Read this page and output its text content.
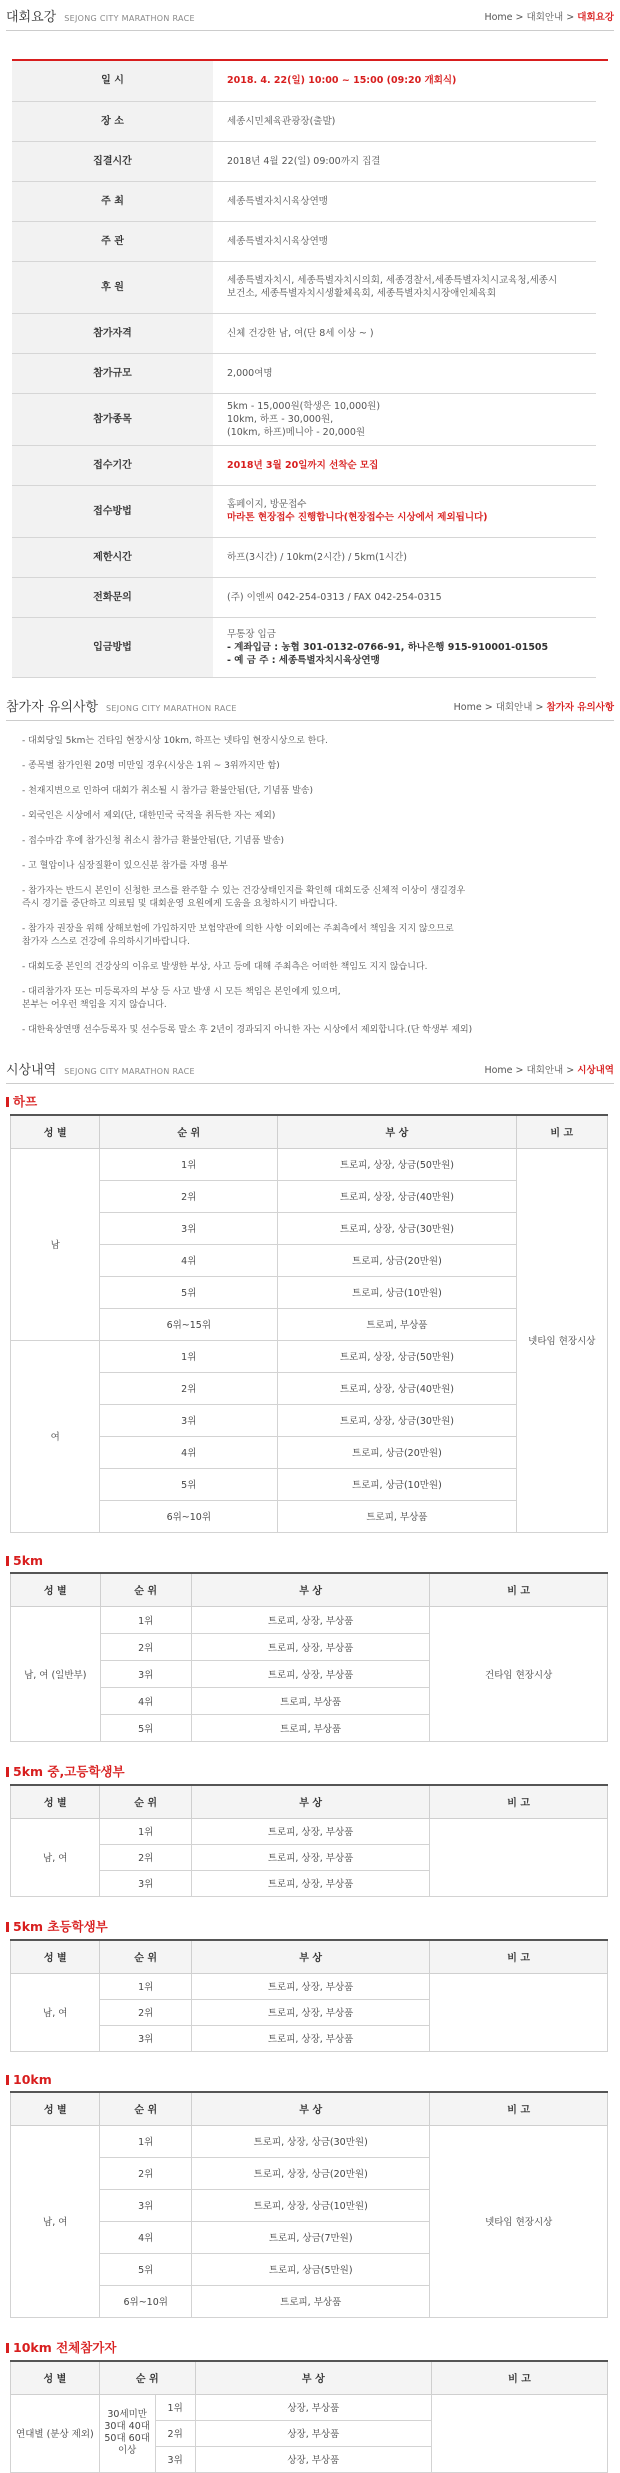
대회요강 SEJONG CITY MARATHON RACE	Home > 대회안내 > 대회요강
일 시	2018. 4. 22(일) 10:00 ~ 15:00 (09:20 개회식)

장 소	세종시민체육관광장(출발)

집결시간	2018년 4월 22(일) 09:00까지 집결

주 최	세종특별자치시육상연맹

주 관	세종특별자치시육상연맹

후 원	세종특별자치시, 세종특별자치시의회, 세종경찰서,세종특별자치시교육청,세종시
보건소, 세종특별자치시생활체육회, 세종특별자치시장애인체육회

참가자격	신체 건강한 남, 여(단 8세 이상 ~ )

참가규모	2,000여명

참가종목	5km - 15,000원(학생은 10,000원)
10km, 하프 - 30,000원,
(10km, 하프)메니아 - 20,000원

접수기간	2018년 3월 20일까지 선착순 모집

접수방법	홈페이지, 방문접수
마라톤 현장접수 진행합니다(현장접수는 시상에서 제외됩니다)

제한시간	하프(3시간) / 10km(2시간) / 5km(1시간)

전화문의	(주) 이엔씨 042-254-0313 / FAX 042-254-0315

입금방법	무통장 입금
- 계좌입금 : 농협 301-0132-0766-91, 하나은행 915-910001-01505
- 예 금 주 : 세종특별자치시육상연맹
참가자 유의사항 SEJONG CITY MARATHON RACE	Home > 대회안내 > 참가자 유의사항
- 대회당일 5km는 건타임 현장시상 10km, 하프는 넷타임 현장시상으로 한다.
- 종목별 참가인원 20명 미만일 경우(시상은 1위 ~ 3위까지만 함)
- 천재지변으로 인하여 대회가 취소될 시 참가금 환불안됨(단, 기념품 발송)
- 외국인은 시상에서 제외(단, 대한민국 국적을 취득한 자는 제외)
- 접수마감 후에 참가신청 취소시 참가금 환불안됨(단, 기념품 발송)
- 고 혈압이나 심장질환이 있으신분 참가를 자명 용부
- 참가자는 반드시 본인이 신청한 코스를 완주할 수 있는 건강상태인지를 확인해 대회도중 신체적 이상이 생길경우
즉시 경기를 중단하고 의료팀 및 대회운영 요원에게 도움을 요청하시기 바랍니다.
- 참가자 권장을 위해 상해보험에 가입하지만 보험약관에 의한 사항 이외에는 주최측에서 책임을 지지 않으므로
참가자 스스로 건강에 유의하시기바랍니다.
- 대회도중 본인의 건강상의 이유로 발생한 부상, 사고 등에 대해 주최측은 어떠한 책임도 지지 않습니다.
- 대리참가자 또는 미등록자의 부상 등 사고 발생 시 모든 책임은 본인에게 있으며,
본부는 어우런 책임을 지지 않습니다.
- 대한육상연맹 선수등록자 및 선수등록 말소 후 2년이 경과되지 아니한 자는 시상에서 제외합니다.(단 학생부 제외)
시상내역 SEJONG CITY MARATHON RACE	Home > 대회안내 > 시상내역
하프
성 별	순 위	부 상	비 고
남	1위	트로피, 상장, 상금(50만원)	넷타임 현장시상
	2위	트로피, 상장, 상금(40만원)	
	3위	트로피, 상장, 상금(30만원)	
	4위	트로피, 상금(20만원)	
	5위	트로피, 상금(10만원)	
	6위~15위	트로피, 부상품	
여	1위	트로피, 상장, 상금(50만원)	
	2위	트로피, 상장, 상금(40만원)	
	3위	트로피, 상장, 상금(30만원)	
	4위	트로피, 상금(20만원)	
	5위	트로피, 상금(10만원)	
	6위~10위	트로피, 부상품	
5km
성 별	순 위	부 상	비 고
남, 여 (일반부)	1위	트로피, 상장, 부상품	건타임 현장시상
	2위	트로피, 상장, 부상품	
	3위	트로피, 상장, 부상품	
	4위	트로피, 부상품	
	5위	트로피, 부상품	
5km 중,고등학생부
성 별	순 위	부 상	비 고
남, 여	1위	트로피, 상장, 부상품	
	2위	트로피, 상장, 부상품	
	3위	트로피, 상장, 부상품	
5km 초등학생부
성 별	순 위	부 상	비 고
남, 여	1위	트로피, 상장, 부상품	
	2위	트로피, 상장, 부상품	
	3위	트로피, 상장, 부상품	
10km
성 별	순 위	부 상	비 고
남, 여	1위	트로피, 상장, 상금(30만원)	넷타임 현장시상
	2위	트로피, 상장, 상금(20만원)	
	3위	트로피, 상장, 상금(10만원)	
	4위	트로피, 상금(7만원)	
	5위	트로피, 상금(5만원)	
	6위~10위	트로피, 부상품	
10km 전체참가자
성 별	순 위		부 상	비 고
연대별 (분상 제외)	30세미만 30대 40대 50대 60대이상	1위	상장, 부상품	
		2위	상장, 부상품	
		3위	상장, 부상품	
